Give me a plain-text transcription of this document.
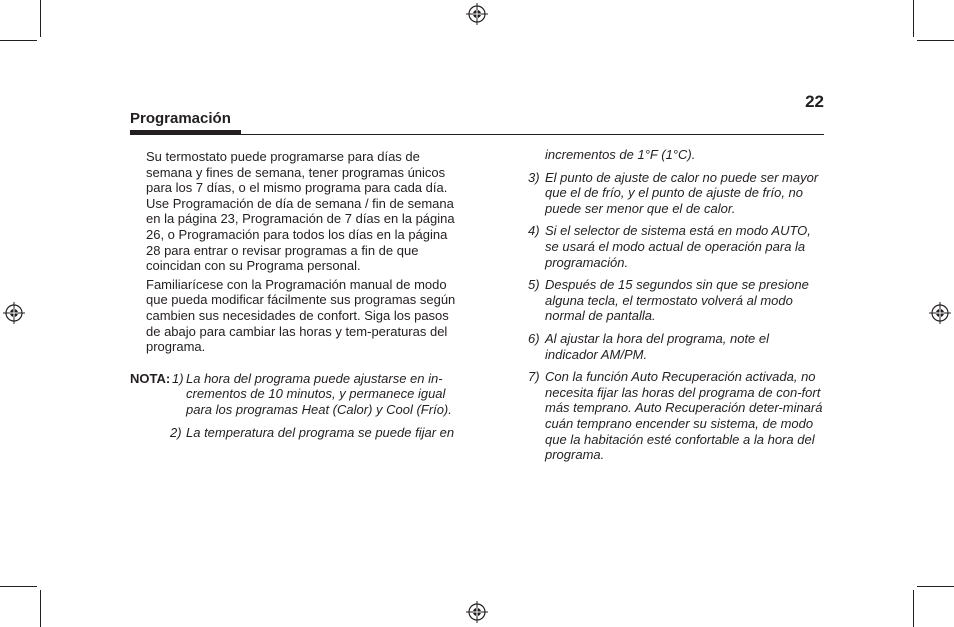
22
Programación
Su termostato puede programarse para días de semana y fines de semana, tener programas únicos para los 7 días, o el mismo programa para cada día. Use Programación de día de semana / fin de semana en la página 23, Programación de 7 días en la página 26, o Programación para todos los días en la página 28 para entrar o revisar programas a fin de que coincidan con su Programa personal.
Familiarícese con la Programación manual de modo que pueda modificar fácilmente sus programas según cambien sus necesidades de confort. Siga los pasos de abajo para cambiar las horas y tem-peraturas del programa.
NOTA: 1) La hora del programa puede ajustarse en in-crementos de 10 minutos, y permanece igual para los programas Heat (Calor) y Cool (Frío).
2) La temperatura del programa se puede fijar en
incrementos de 1°F (1°C).
3) El punto de ajuste de calor no puede ser mayor que el de frío, y el punto de ajuste de frío, no puede ser menor que el de calor.
4) Si el selector de sistema está en modo AUTO, se usará el modo actual de operación para la programación.
5) Después de 15 segundos sin que se presione alguna tecla, el termostato volverá al modo normal de pantalla.
6) Al ajustar la hora del programa, note el indicador AM/PM.
7) Con la función Auto Recuperación activada, no necesita fijar las horas del programa de con-fort más temprano. Auto Recuperación deter-minará cuán temprano encender su sistema, de modo que la habitación esté confortable a la hora del programa.
